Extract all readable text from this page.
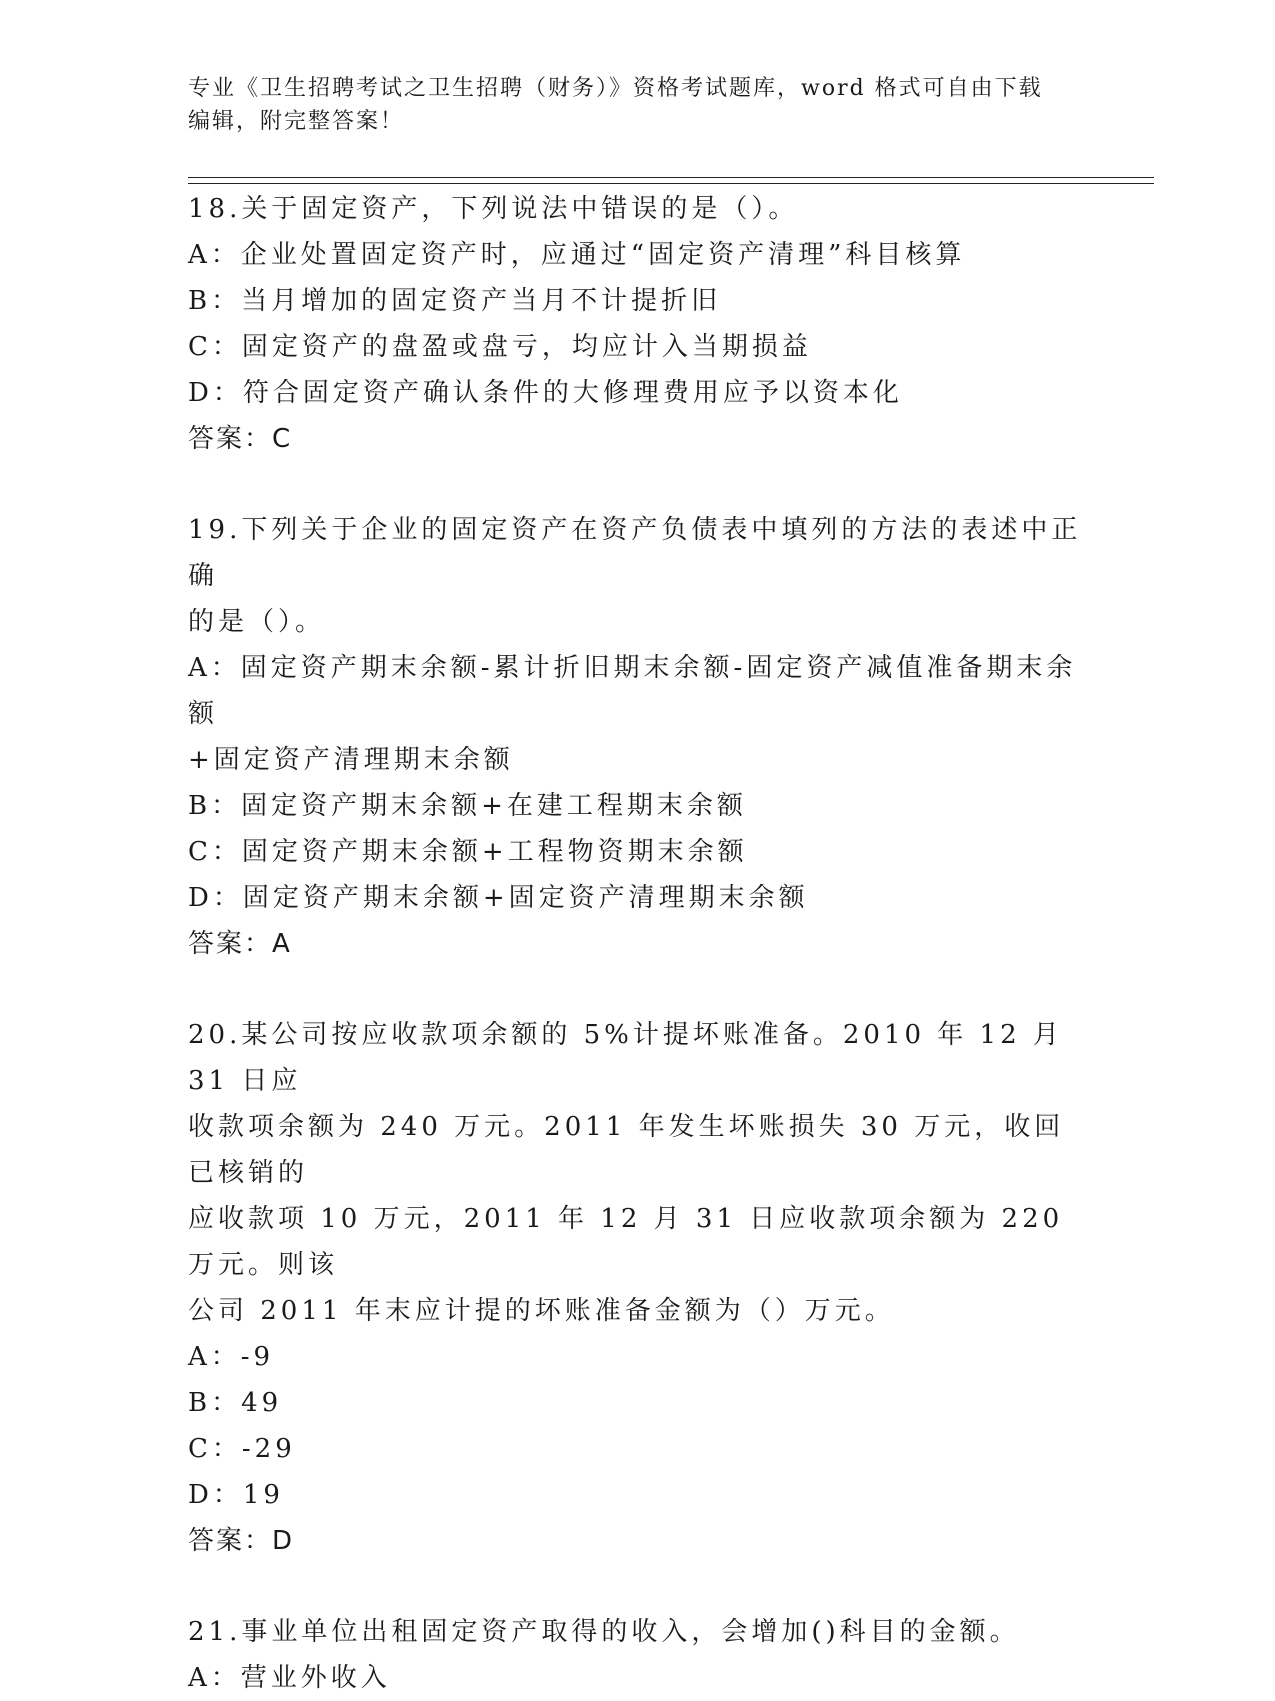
专业《卫生招聘考试之卫生招聘（财务）》资格考试题库，word 格式可自由下载
编辑，附完整答案！
18.关于固定资产，下列说法中错误的是（）。
A：企业处置固定资产时，应通过“固定资产清理”科目核算
B：当月增加的固定资产当月不计提折旧
C：固定资产的盘盈或盘亏，均应计入当期损益
D：符合固定资产确认条件的大修理费用应予以资本化
答案：C
19.下列关于企业的固定资产在资产负债表中填列的方法的表述中正确
的是（）。
A：固定资产期末余额-累计折旧期末余额-固定资产减值准备期末余额
+固定资产清理期末余额
B：固定资产期末余额+在建工程期末余额
C：固定资产期末余额+工程物资期末余额
D：固定资产期末余额+固定资产清理期末余额
答案：A
20.某公司按应收款项余额的 5%计提坏账准备。2010 年 12 月 31 日应
收款项余额为 240 万元。2011 年发生坏账损失 30 万元，收回已核销的
应收款项 10 万元，2011 年 12 月 31 日应收款项余额为 220 万元。则该
公司 2011 年末应计提的坏账准备金额为（）万元。
A：-9
B：49
C：-29
D：19
答案：D
21.事业单位出租固定资产取得的收入，会增加()科目的金额。
A：营业外收入
